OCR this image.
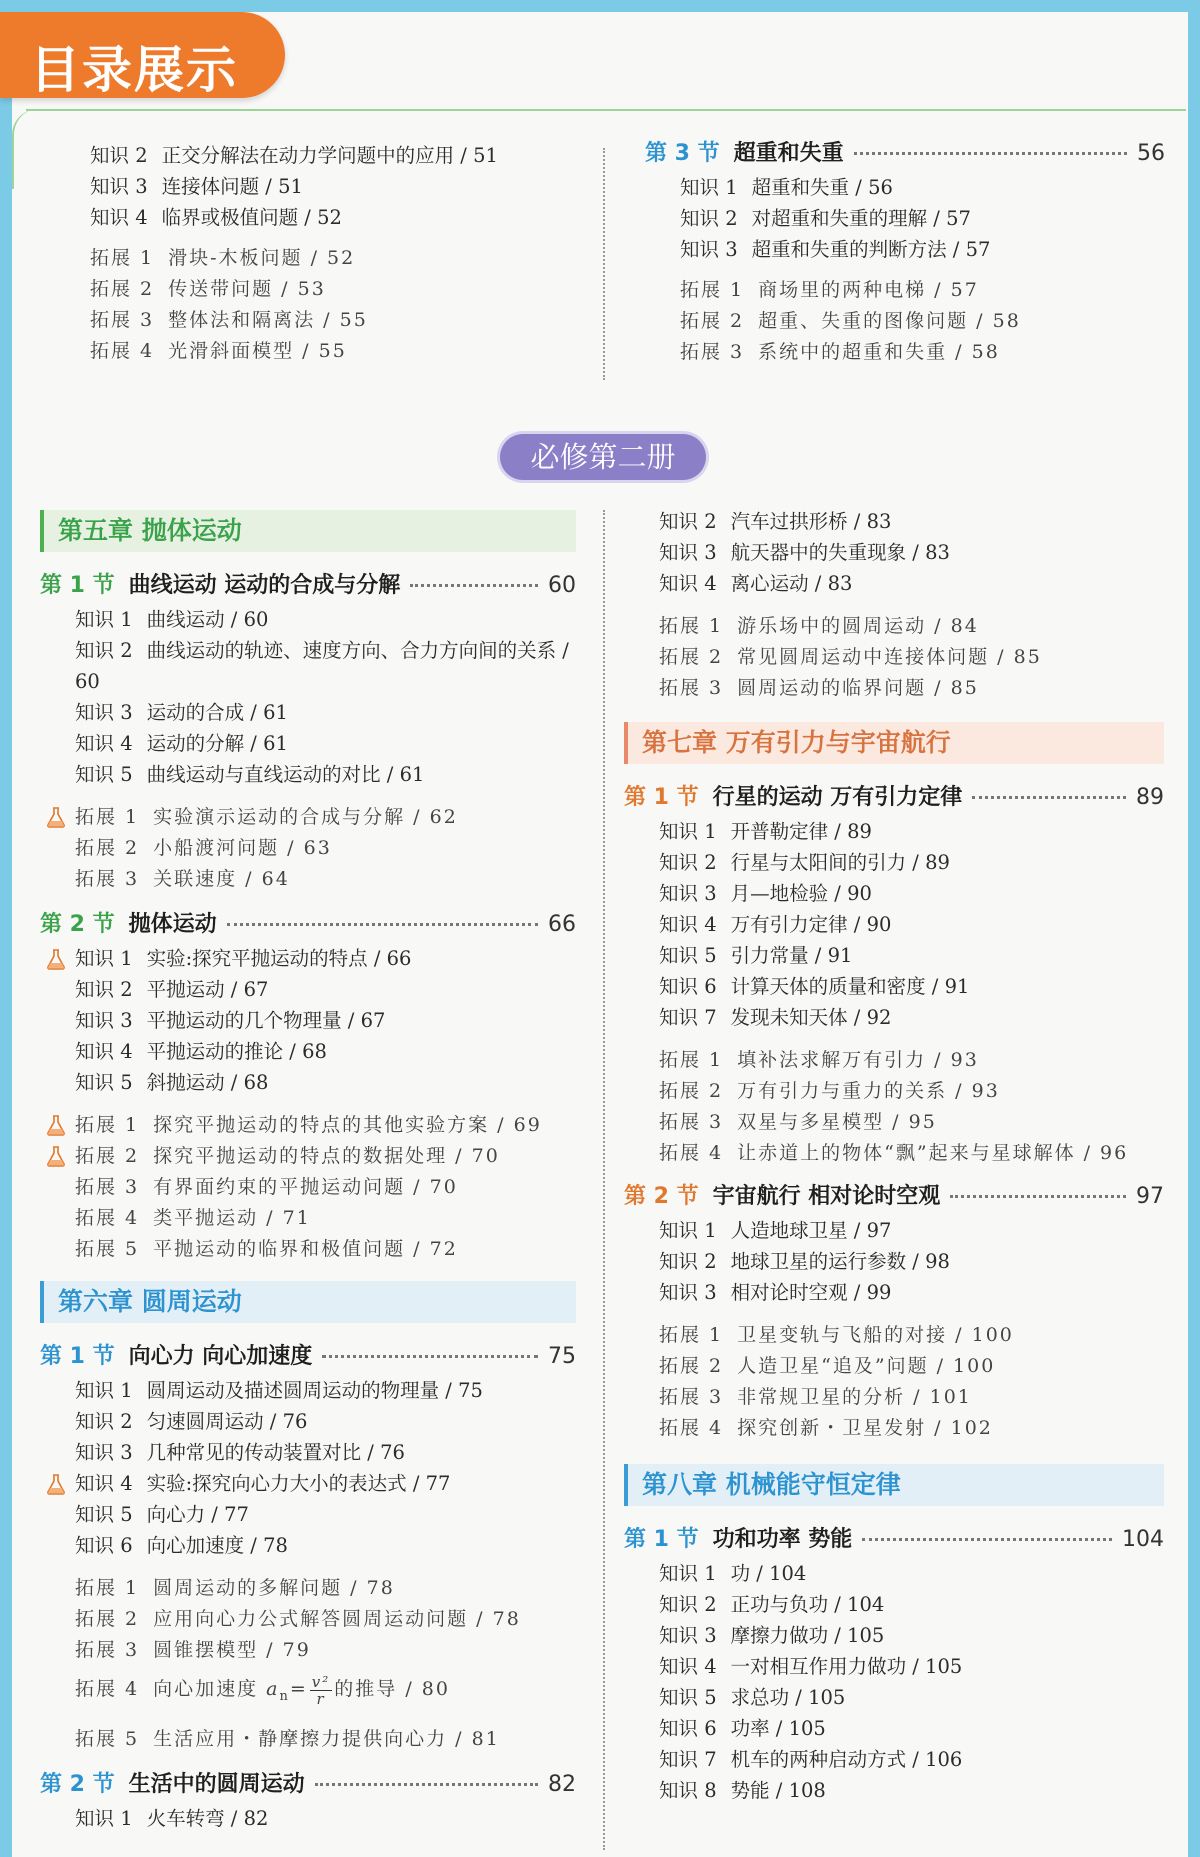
目录展示
知识 2 正交分解法在动力学问题中的应用 / 51
知识 3 连接体问题 / 51
知识 4 临界或极值问题 / 52
拓展 1 滑块-木板问题 / 52
拓展 2 传送带问题 / 53
拓展 3 整体法和隔离法 / 55
拓展 4 光滑斜面模型 / 55
第 3 节 超重和失重	56
知识 1 超重和失重 / 56
知识 2 对超重和失重的理解 / 57
知识 3 超重和失重的判断方法 / 57
拓展 1 商场里的两种电梯 / 57
拓展 2 超重、失重的图像问题 / 58
拓展 3 系统中的超重和失重 / 58
必修第二册
第五章 抛体运动
第 1 节 曲线运动 运动的合成与分解	60
知识 1 曲线运动 / 60
知识 2 曲线运动的轨迹、速度方向、合力方向间的关系 / 60
知识 3 运动的合成 / 61
知识 4 运动的分解 / 61
知识 5 曲线运动与直线运动的对比 / 61
拓展 1 实验演示运动的合成与分解 / 62
拓展 2 小船渡河问题 / 63
拓展 3 关联速度 / 64
第 2 节 抛体运动	66
知识 1 实验:探究平抛运动的特点 / 66
知识 2 平抛运动 / 67
知识 3 平抛运动的几个物理量 / 67
知识 4 平抛运动的推论 / 68
知识 5 斜抛运动 / 68
拓展 1 探究平抛运动的特点的其他实验方案 / 69
拓展 2 探究平抛运动的特点的数据处理 / 70
拓展 3 有界面约束的平抛运动问题 / 70
拓展 4 类平抛运动 / 71
拓展 5 平抛运动的临界和极值问题 / 72
第六章 圆周运动
第 1 节 向心力 向心加速度	75
知识 1 圆周运动及描述圆周运动的物理量 / 75
知识 2 匀速圆周运动 / 76
知识 3 几种常见的传动装置对比 / 76
知识 4 实验:探究向心力大小的表达式 / 77
知识 5 向心力 / 77
知识 6 向心加速度 / 78
拓展 1 圆周运动的多解问题 / 78
拓展 2 应用向心力公式解答圆周运动问题 / 78
拓展 3 圆锥摆模型 / 79
拓展 4 向心加速度 $a_n= \frac{\text{v²}}{r}$ 的推导 / 80
拓展 5 生活应用・静摩擦力提供向心力 / 81
第 2 节 生活中的圆周运动	82
知识 1 火车转弯 / 82
知识 2 汽车过拱形桥 / 83
知识 3 航天器中的失重现象 / 83
知识 4 离心运动 / 83
拓展 1 游乐场中的圆周运动 / 84
拓展 2 常见圆周运动中连接体问题 / 85
拓展 3 圆周运动的临界问题 / 85
第七章 万有引力与宇宙航行
第 1 节 行星的运动 万有引力定律	89
知识 1 开普勒定律 / 89
知识 2 行星与太阳间的引力 / 89
知识 3 月—地检验 / 90
知识 4 万有引力定律 / 90
知识 5 引力常量 / 91
知识 6 计算天体的质量和密度 / 91
知识 7 发现未知天体 / 92
拓展 1 填补法求解万有引力 / 93
拓展 2 万有引力与重力的关系 / 93
拓展 3 双星与多星模型 / 95
拓展 4 让赤道上的物体“飘”起来与星球解体 / 96
第 2 节 宇宙航行 相对论时空观	97
知识 1 人造地球卫星 / 97
知识 2 地球卫星的运行参数 / 98
知识 3 相对论时空观 / 99
拓展 1 卫星变轨与飞船的对接 / 100
拓展 2 人造卫星“追及”问题 / 100
拓展 3 非常规卫星的分析 / 101
拓展 4 探究创新・卫星发射 / 102
第八章 机械能守恒定律
第 1 节 功和功率 势能	104
知识 1 功 / 104
知识 2 正功与负功 / 104
知识 3 摩擦力做功 / 105
知识 4 一对相互作用力做功 / 105
知识 5 求总功 / 105
知识 6 功率 / 105
知识 7 机车的两种启动方式 / 106
知识 8 势能 / 108
